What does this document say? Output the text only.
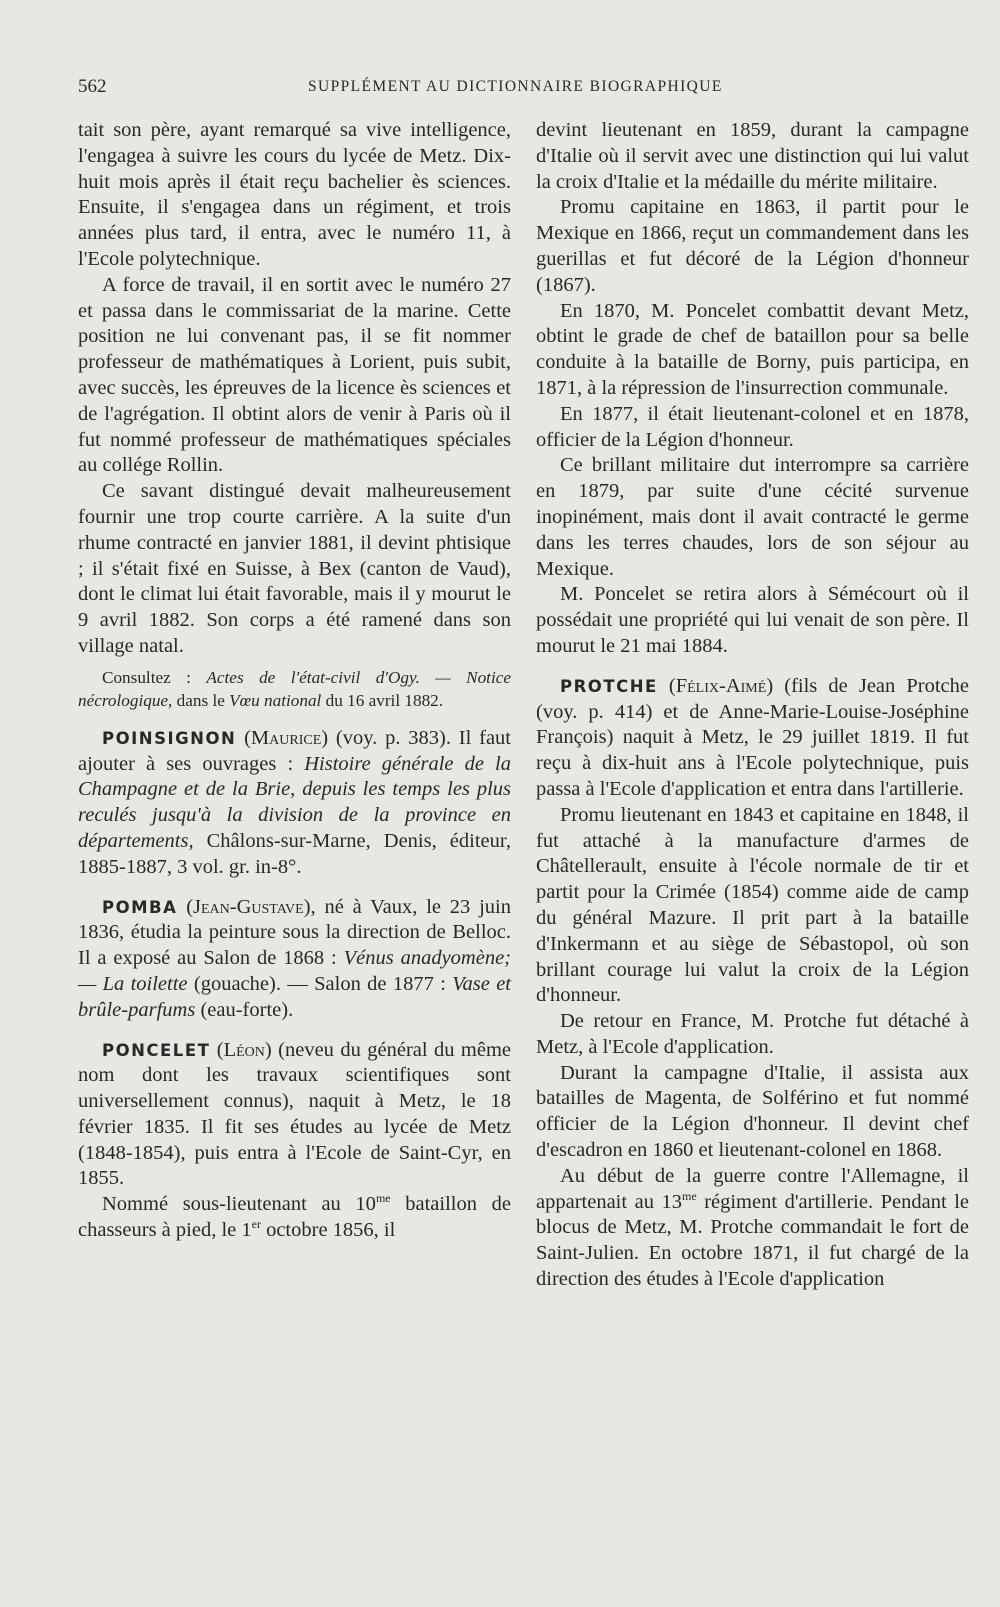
562	SUPPLÉMENT AU DICTIONNAIRE BIOGRAPHIQUE

tait son père, ayant remarqué sa vive intelligence, l'engagea à suivre les cours du lycée de Metz. Dix-huit mois après il était reçu bachelier ès sciences. Ensuite, il s'engagea dans un régiment, et trois années plus tard, il entra, avec le numéro 11, à l'Ecole polytechnique.

A force de travail, il en sortit avec le numéro 27 et passa dans le commissariat de la marine. Cette position ne lui convenant pas, il se fit nommer professeur de mathématiques à Lorient, puis subit, avec succès, les épreuves de la licence ès sciences et de l'agrégation. Il obtint alors de venir à Paris où il fut nommé professeur de mathématiques spéciales au collége Rollin.

Ce savant distingué devait malheureusement fournir une trop courte carrière. A la suite d'un rhume contracté en janvier 1881, il devint phtisique ; il s'était fixé en Suisse, à Bex (canton de Vaud), dont le climat lui était favorable, mais il y mourut le 9 avril 1882. Son corps a été ramené dans son village natal.

Consultez : Actes de l'état-civil d'Ogy. — Notice nécrologique, dans le Vœu national du 16 avril 1882.

POINSIGNON (Maurice) (voy. p. 383). Il faut ajouter à ses ouvrages : Histoire générale de la Champagne et de la Brie, depuis les temps les plus reculés jusqu'à la division de la province en départements, Châlons-sur-Marne, Denis, éditeur, 1885-1887, 3 vol. gr. in-8°.

POMBA (Jean-Gustave), né à Vaux, le 23 juin 1836, étudia la peinture sous la direction de Belloc. Il a exposé au Salon de 1868 : Vénus anadyomène; — La toilette (gouache). — Salon de 1877 : Vase et brûle-parfums (eau-forte).

PONCELET (Léon) (neveu du général du même nom dont les travaux scientifiques sont universellement connus), naquit à Metz, le 18 février 1835. Il fit ses études au lycée de Metz (1848-1854), puis entra à l'Ecole de Saint-Cyr, en 1855.

Nommé sous-lieutenant au $10^{me}$ bataillon de chasseurs à pied, le 1er octobre 1856, il

devint lieutenant en 1859, durant la campagne d'Italie où il servit avec une distinction qui lui valut la croix d'Italie et la médaille du mérite militaire.

Promu capitaine en 1863, il partit pour le Mexique en 1866, reçut un commandement dans les guerillas et fut décoré de la Légion d'honneur (1867).

En 1870, M. Poncelet combattit devant Metz, obtint le grade de chef de bataillon pour sa belle conduite à la bataille de Borny, puis participa, en 1871, à la répression de l'insurrection communale.

En 1877, il était lieutenant-colonel et en 1878, officier de la Légion d'honneur.

Ce brillant militaire dut interrompre sa carrière en 1879, par suite d'une cécité survenue inopinément, mais dont il avait contracté le germe dans les terres chaudes, lors de son séjour au Mexique.

M. Poncelet se retira alors à Sémécourt où il possédait une propriété qui lui venait de son père. Il mourut le 21 mai 1884.

PROTCHE (Félix-Aimé) (fils de Jean Protche (voy. p. 414) et de Anne-Marie-Louise-Joséphine François) naquit à Metz, le 29 juillet 1819. Il fut reçu à dix-huit ans à l'Ecole polytechnique, puis passa à l'Ecole d'application et entra dans l'artillerie.

Promu lieutenant en 1843 et capitaine en 1848, il fut attaché à la manufacture d'armes de Châtellerault, ensuite à l'école normale de tir et partit pour la Crimée (1854) comme aide de camp du général Mazure. Il prit part à la bataille d'Inkermann et au siège de Sébastopol, où son brillant courage lui valut la croix de la Légion d'honneur.

De retour en France, M. Protche fut détaché à Metz, à l'Ecole d'application.

Durant la campagne d'Italie, il assista aux batailles de Magenta, de Solférino et fut nommé officier de la Légion d'honneur. Il devint chef d'escadron en 1860 et lieutenant-colonel en 1868.

Au début de la guerre contre l'Allemagne, il appartenait au $13^{me}$ régiment d'artillerie. Pendant le blocus de Metz, M. Protche commandait le fort de Saint-Julien. En octobre 1871, il fut chargé de la direction des études à l'Ecole d'application
